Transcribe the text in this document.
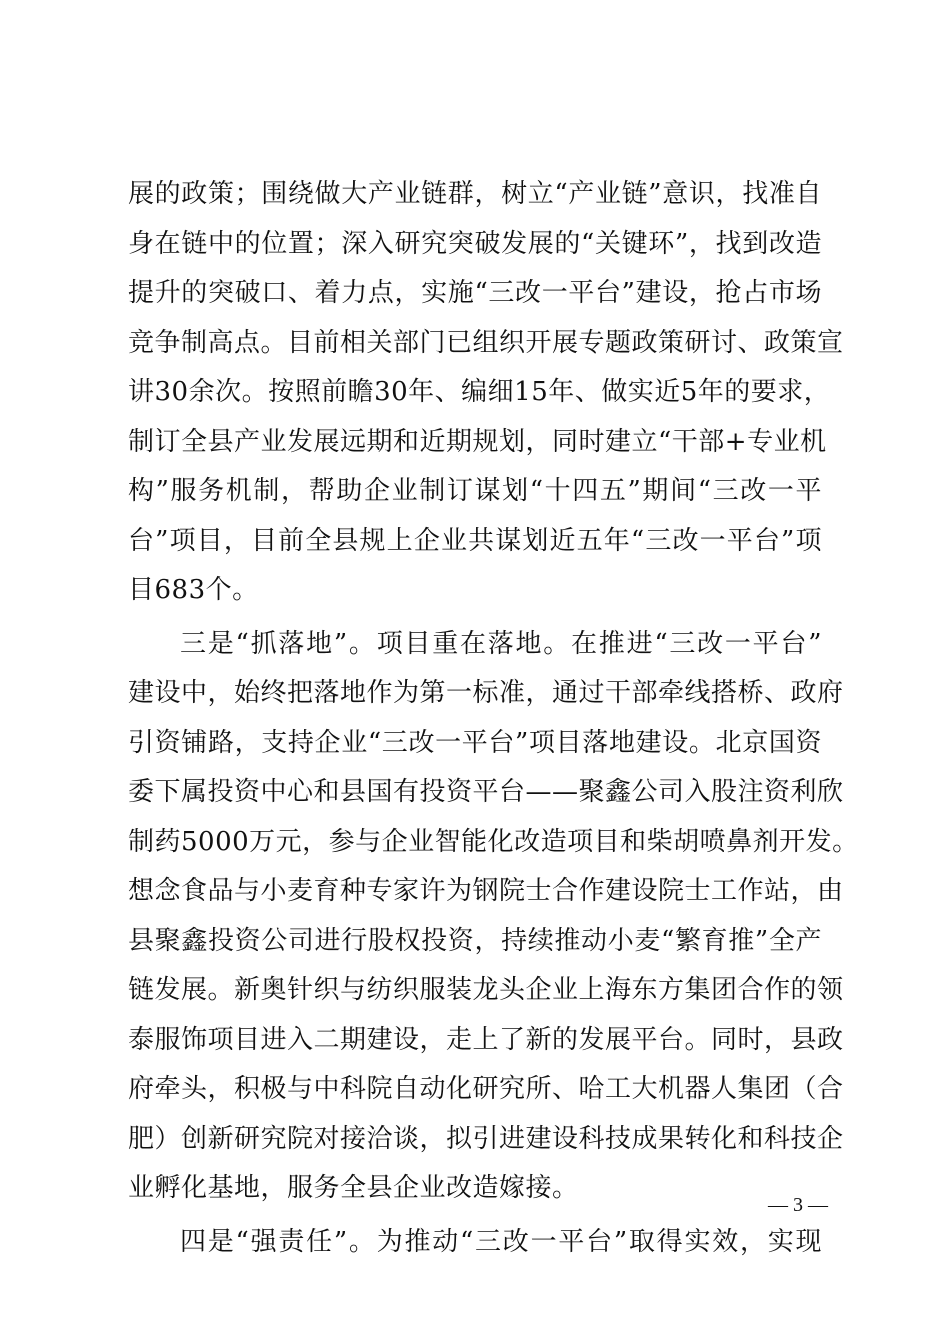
展的政策；围绕做大产业链群，树立“产业链”意识，找准自
身在链中的位置；深入研究突破发展的“关键环”，找到改造
提升的突破口、着力点，实施“三改一平台”建设，抢占市场
竞争制高点。目前相关部门已组织开展专题政策研讨、政策宣
讲30余次。按照前瞻30年、编细15年、做实近5年的要求，
制订全县产业发展远期和近期规划，同时建立“干部+专业机
构”服务机制，帮助企业制订谋划“十四五”期间“三改一平
台”项目，目前全县规上企业共谋划近五年“三改一平台”项
目683个。
三是“抓落地”。项目重在落地。在推进“三改一平台”
建设中，始终把落地作为第一标准，通过干部牵线搭桥、政府
引资铺路，支持企业“三改一平台”项目落地建设。北京国资
委下属投资中心和县国有投资平台——聚鑫公司入股注资利欣
制药5000万元，参与企业智能化改造项目和柴胡喷鼻剂开发。
想念食品与小麦育种专家许为钢院士合作建设院士工作站，由
县聚鑫投资公司进行股权投资，持续推动小麦“繁育推”全产
链发展。新奥针织与纺织服装龙头企业上海东方集团合作的领
泰服饰项目进入二期建设，走上了新的发展平台。同时，县政
府牵头，积极与中科院自动化研究所、哈工大机器人集团（合
肥）创新研究院对接洽谈，拟引进建设科技成果转化和科技企
业孵化基地，服务全县企业改造嫁接。
四是“强责任”。为推动“三改一平台”取得实效，实现
— 3 —
